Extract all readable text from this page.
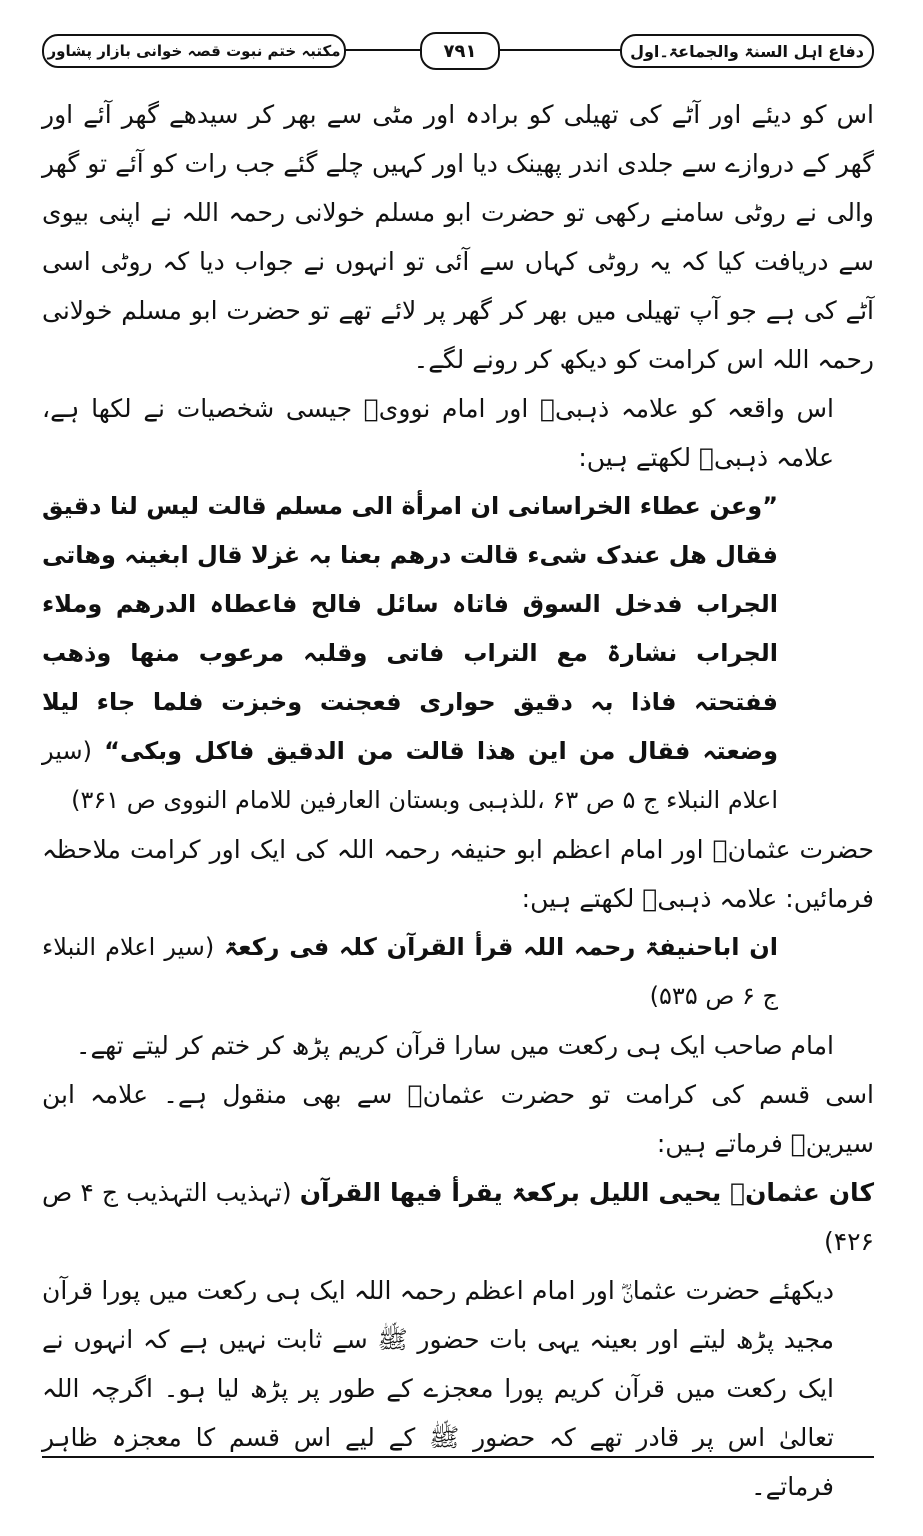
مکتبہ ختم نبوت قصہ خوانی بازار پشاور	۷۹۱	دفاع اہل السنۃ والجماعۃ۔اول

اس کو دیئے اور آٹے کی تھیلی کو برادہ اور مٹی سے بھر کر سیدھے گھر آئے اور گھر کے دروازے سے جلدی اندر پھینک دیا اور کہیں چلے گئے جب رات کو آئے تو گھر والی نے روٹی سامنے رکھی تو حضرت ابو مسلم خولانی رحمہ اللہ نے اپنی بیوی سے دریافت کیا کہ یہ روٹی کہاں سے آئی تو انہوں نے جواب دیا کہ روٹی اسی آٹے کی ہے جو آپ تھیلی میں بھر کر گھر پر لائے تھے تو حضرت ابو مسلم خولانی رحمہ اللہ اس کرامت کو دیکھ کر رونے لگے۔

اس واقعہ کو علامہ ذہبیؒ اور امام نوویؒ جیسی شخصیات نے لکھا ہے، علامہ ذہبیؒ لکھتے ہیں:

”وعن عطاء الخراسانی ان امرأة الی مسلم قالت لیس لنا دقیق فقال ھل عندک شیء قالت درھم بعنا بہ غزلا قال ابغینہ وھاتی الجراب فدخل السوق فاتاہ سائل فالح فاعطاہ الدرھم وملاء الجراب نشارۃ مع التراب فاتی وقلبہ مرعوب منھا وذھب ففتحتہ فاذا بہ دقیق حواری فعجنت وخبزت فلما جاء لیلا وضعتہ فقال من این ھذا قالت من الدقیق فاکل وبکی“ (سیر اعلام النبلاء ج ۵ ص ۶۳ ،للذہبی وبستان العارفین للامام النووی ص ۳۶۱)

حضرت عثمانؓ اور امام اعظم ابو حنیفہ رحمہ اللہ کی ایک اور کرامت ملاحظہ فرمائیں: علامہ ذہبیؒ لکھتے ہیں:

ان اباحنیفۃ رحمہ اللہ قرأ القرآن کلہ فی رکعۃ (سیر اعلام النبلاء ج ۶ ص ۵۳۵)

امام صاحب ایک ہی رکعت میں سارا قرآن کریم پڑھ کر ختم کر لیتے تھے۔

اسی قسم کی کرامت تو حضرت عثمانؓ سے بھی منقول ہے۔ علامہ ابن سیرینؒ فرماتے ہیں:

کان عثمانؓ یحیی اللیل برکعۃ یقرأ فیھا القرآن (تہذیب التہذیب ج ۴ ص ۴۲۶)

دیکھئے حضرت عثمانؓ اور امام اعظم رحمہ اللہ ایک ہی رکعت میں پورا قرآن مجید پڑھ لیتے اور بعینہ یہی بات حضور ﷺ سے ثابت نہیں ہے کہ انہوں نے ایک رکعت میں قرآن کریم پورا معجزے کے طور پر پڑھ لیا ہو۔ اگرچہ اللہ تعالیٰ اس پر قادر تھے کہ حضور ﷺ کے لیے اس قسم کا معجزہ ظاہر فرماتے۔
